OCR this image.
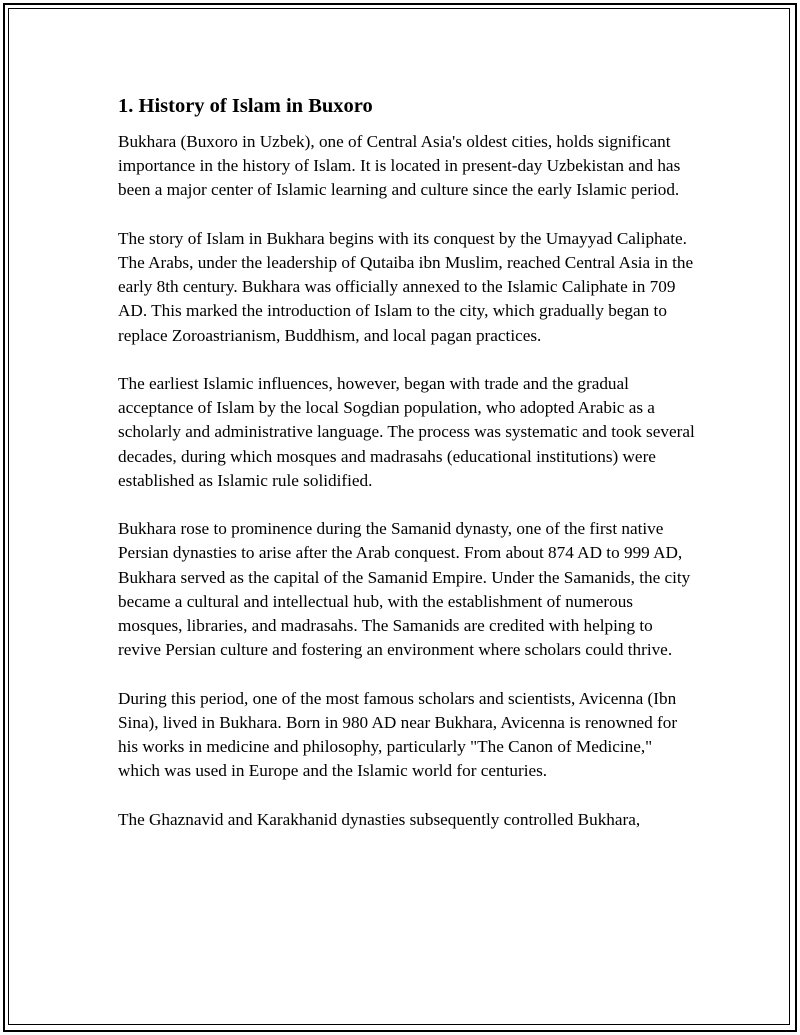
1. History of Islam in Buxoro

Bukhara (Buxoro in Uzbek), one of Central Asia's oldest cities, holds significant importance in the history of Islam. It is located in present-day Uzbekistan and has been a major center of Islamic learning and culture since the early Islamic period.

The story of Islam in Bukhara begins with its conquest by the Umayyad Caliphate. The Arabs, under the leadership of Qutaiba ibn Muslim, reached Central Asia in the early 8th century. Bukhara was officially annexed to the Islamic Caliphate in 709 AD. This marked the introduction of Islam to the city, which gradually began to replace Zoroastrianism, Buddhism, and local pagan practices.

The earliest Islamic influences, however, began with trade and the gradual acceptance of Islam by the local Sogdian population, who adopted Arabic as a scholarly and administrative language. The process was systematic and took several decades, during which mosques and madrasahs (educational institutions) were established as Islamic rule solidified.

Bukhara rose to prominence during the Samanid dynasty, one of the first native Persian dynasties to arise after the Arab conquest. From about 874 AD to 999 AD, Bukhara served as the capital of the Samanid Empire. Under the Samanids, the city became a cultural and intellectual hub, with the establishment of numerous mosques, libraries, and madrasahs. The Samanids are credited with helping to revive Persian culture and fostering an environment where scholars could thrive.

During this period, one of the most famous scholars and scientists, Avicenna (Ibn Sina), lived in Bukhara. Born in 980 AD near Bukhara, Avicenna is renowned for his works in medicine and philosophy, particularly "The Canon of Medicine," which was used in Europe and the Islamic world for centuries.

The Ghaznavid and Karakhanid dynasties subsequently controlled Bukhara,
